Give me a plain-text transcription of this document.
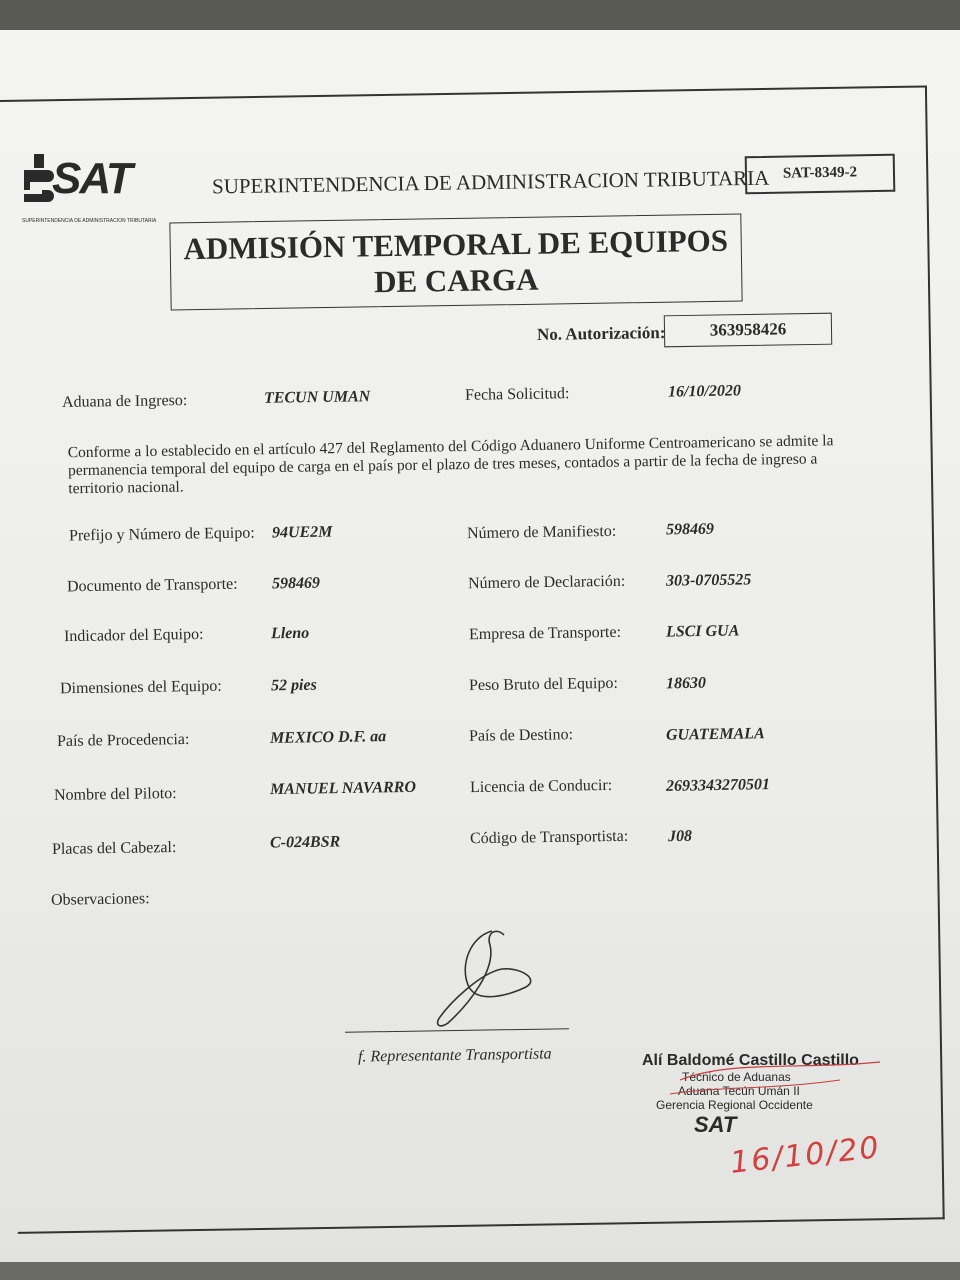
SAT
SUPERINTENDENCIA DE ADMINISTRACION TRIBUTARIA
SUPERINTENDENCIA DE ADMINISTRACION TRIBUTARIA SAT-8349-2
ADMISIÓN TEMPORAL DE EQUIPOS DE CARGA
No. Autorización:	363958426
Aduana de Ingreso:	TECUN UMAN	Fecha Solicitud:	16/10/2020
Conforme a lo establecido en el artículo 427 del Reglamento del Código Aduanero Uniforme Centroamericano se admite la permanencia temporal del equipo de carga en el país por el plazo de tres meses, contados a partir de la fecha de ingreso a territorio nacional.
Prefijo y Número de Equipo: 94UE2M	Número de Manifiesto:	598469
Documento de Transporte: 598469	Número de Declaración:	303-0705525
Indicador del Equipo:	Lleno	Empresa de Transporte:	LSCI GUA
Dimensiones del Equipo:	52 pies	Peso Bruto del Equipo:	18630
País de Procedencia:	MEXICO D.F. aa	País de Destino:	GUATEMALA
Nombre del Piloto:	MANUEL NAVARRO	Licencia de Conducir:	2693343270501
Placas del Cabezal:	C-024BSR	Código de Transportista: J08
Observaciones:
f. Representante Transportista	Alí Baldomé Castillo Castillo
Técnico de Aduanas
Aduana Tecún Umán II
Gerencia Regional Occidente
SAT
16/10/20
